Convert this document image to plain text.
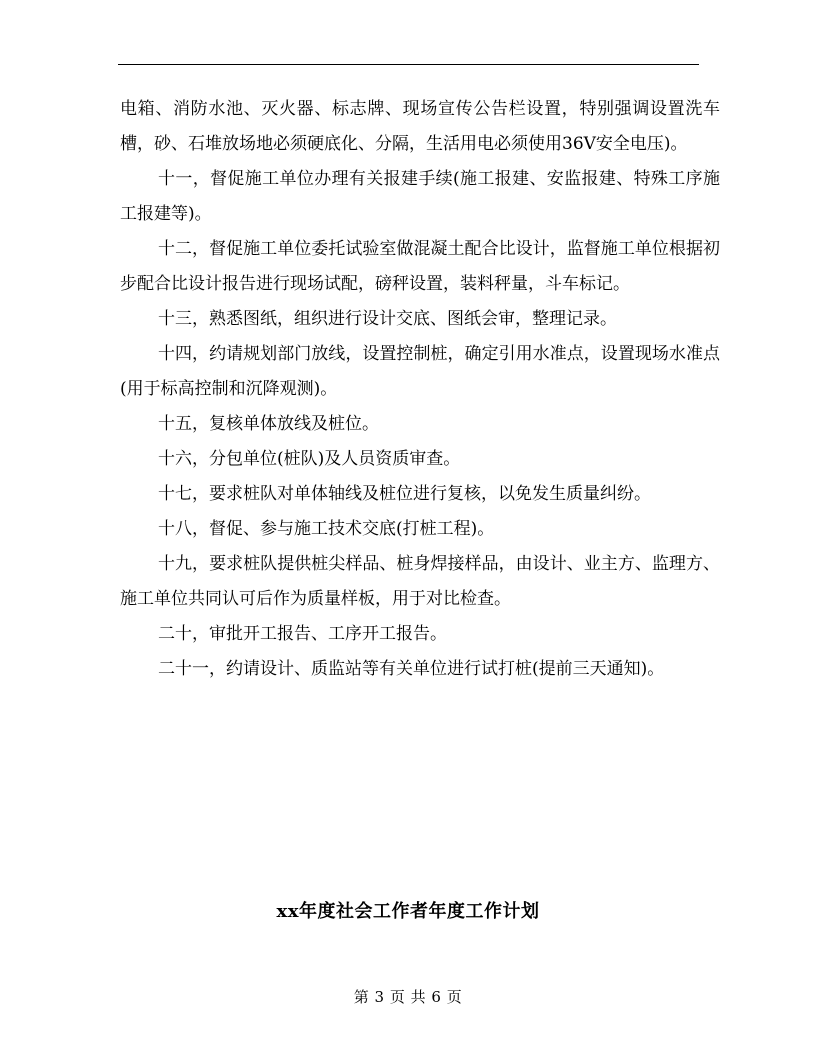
电箱、消防水池、灭火器、标志牌、现场宣传公告栏设置，特别强调设置洗车槽，砂、石堆放场地必须硬底化、分隔，生活用电必须使用36V安全电压)。

十一，督促施工单位办理有关报建手续(施工报建、安监报建、特殊工序施工报建等)。

十二，督促施工单位委托试验室做混凝土配合比设计，监督施工单位根据初步配合比设计报告进行现场试配，磅秤设置，装料秤量，斗车标记。

十三，熟悉图纸，组织进行设计交底、图纸会审，整理记录。

十四，约请规划部门放线，设置控制桩，确定引用水准点，设置现场水准点(用于标高控制和沉降观测)。

十五，复核单体放线及桩位。

十六，分包单位(桩队)及人员资质审查。

十七，要求桩队对单体轴线及桩位进行复核，以免发生质量纠纷。

十八，督促、参与施工技术交底(打桩工程)。

十九，要求桩队提供桩尖样品、桩身焊接样品，由设计、业主方、监理方、施工单位共同认可后作为质量样板，用于对比检查。

二十，审批开工报告、工序开工报告。

二十一，约请设计、质监站等有关单位进行试打桩(提前三天通知)。

xx年度社会工作者年度工作计划
第 3 页 共 6 页
